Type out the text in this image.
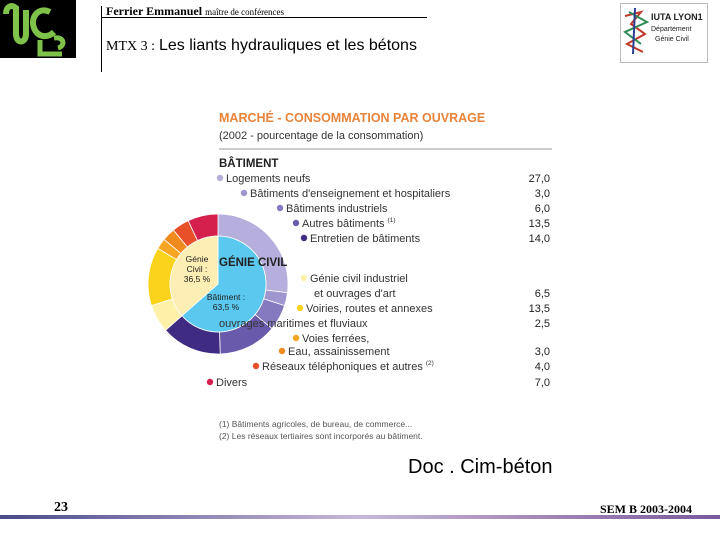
Ferrier Emmanuel maître de conférences
MTX 3 : Les liants hydrauliques et les bétons
IUTA LYON1
Département
Génie Civil
MARCHÉ - CONSOMMATION PAR OUVRAGE
(2002 - pourcentage de la consommation)
Bâtiment : 63,5 %
Génie Civil : 36,5 %
BÂTIMENT
GÉNIE CIVIL
Logements neufs	27,0
Bâtiments d'enseignement et hospitaliers	3,0
Bâtiments industriels	6,0
Autres bâtiments $^{(1)}$	13,5
Entretien de bâtiments	14,0
Génie civil industriel
et ouvrages d'art	6,5
Voiries, routes et annexes	13,5
Voies ferrées,
ouvrages maritimes et fluviaux	2,5
Eau, assainissement	3,0
Réseaux téléphoniques et autres $^{(2)}$	4,0
Divers	7,0
(1) Bâtiments agricoles, de bureau, de commerce...
(2) Les réseaux tertiaires sont incorporés au bâtiment.
Doc . Cim-béton
23	SEM B 2003-2004
